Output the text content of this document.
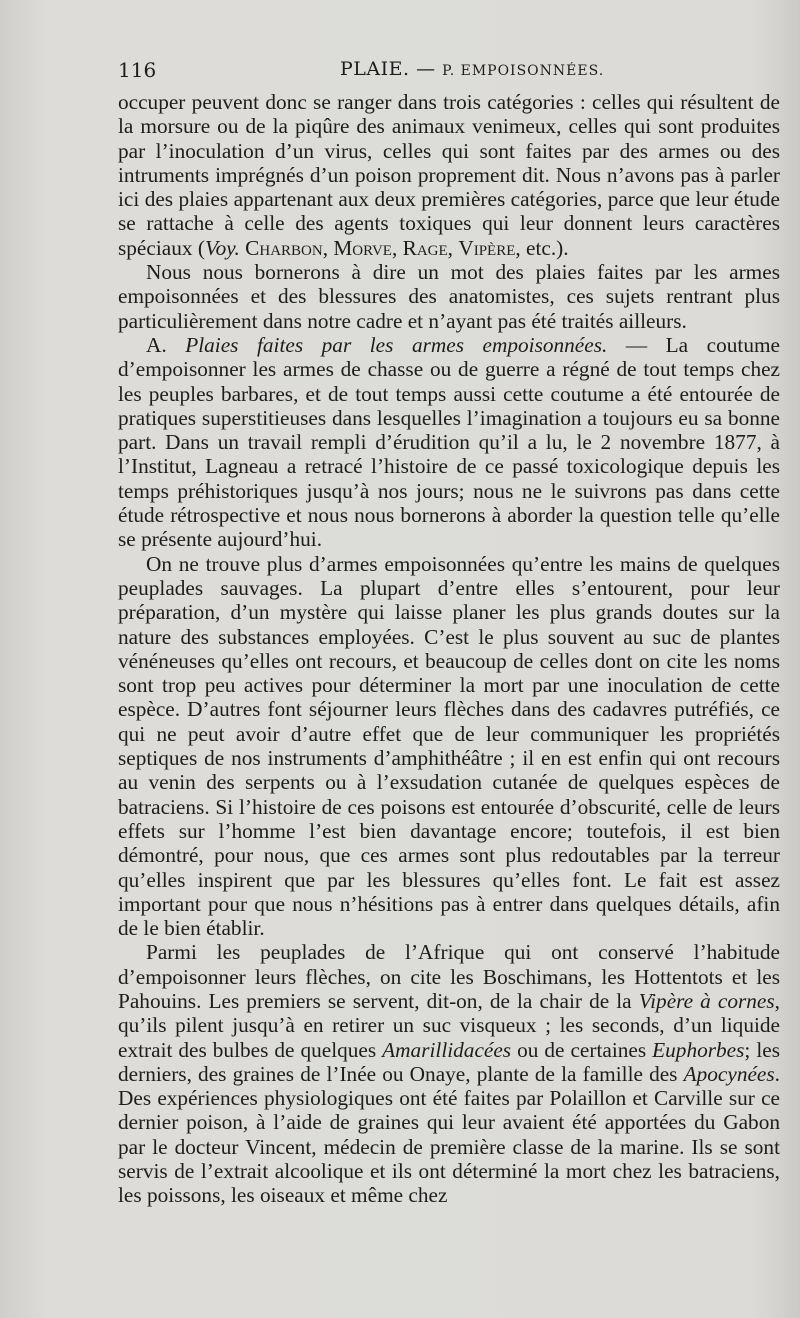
116	PLAIE. — P. EMPOISONNÉES.

occuper peuvent donc se ranger dans trois catégories : celles qui résultent de la morsure ou de la piqûre des animaux venimeux, celles qui sont produites par l’inoculation d’un virus, celles qui sont faites par des armes ou des intruments imprégnés d’un poison proprement dit. Nous n’avons pas à parler ici des plaies appartenant aux deux premières catégories, parce que leur étude se rattache à celle des agents toxiques qui leur donnent leurs caractères spéciaux (Voy. Charbon, Morve, Rage, Vipère, etc.).

Nous nous bornerons à dire un mot des plaies faites par les armes empoisonnées et des blessures des anatomistes, ces sujets rentrant plus particulièrement dans notre cadre et n’ayant pas été traités ailleurs.

A. Plaies faites par les armes empoisonnées. — La coutume d’empoisonner les armes de chasse ou de guerre a régné de tout temps chez les peuples barbares, et de tout temps aussi cette coutume a été entourée de pratiques superstitieuses dans lesquelles l’imagination a toujours eu sa bonne part. Dans un travail rempli d’érudition qu’il a lu, le 2 novembre 1877, à l’Institut, Lagneau a retracé l’histoire de ce passé toxicologique depuis les temps préhistoriques jusqu’à nos jours; nous ne le suivrons pas dans cette étude rétrospective et nous nous bornerons à aborder la question telle qu’elle se présente aujourd’hui.

On ne trouve plus d’armes empoisonnées qu’entre les mains de quelques peuplades sauvages. La plupart d’entre elles s’entourent, pour leur préparation, d’un mystère qui laisse planer les plus grands doutes sur la nature des substances employées. C’est le plus souvent au suc de plantes vénéneuses qu’elles ont recours, et beaucoup de celles dont on cite les noms sont trop peu actives pour déterminer la mort par une inoculation de cette espèce. D’autres font séjourner leurs flèches dans des cadavres putréfiés, ce qui ne peut avoir d’autre effet que de leur communiquer les propriétés septiques de nos instruments d’amphithéâtre ; il en est enfin qui ont recours au venin des serpents ou à l’exsudation cutanée de quelques espèces de batraciens. Si l’histoire de ces poisons est entourée d’obscurité, celle de leurs effets sur l’homme l’est bien davantage encore; toutefois, il est bien démontré, pour nous, que ces armes sont plus redoutables par la terreur qu’elles inspirent que par les blessures qu’elles font. Le fait est assez important pour que nous n’hésitions pas à entrer dans quelques détails, afin de le bien établir.

Parmi les peuplades de l’Afrique qui ont conservé l’habitude d’empoisonner leurs flèches, on cite les Boschimans, les Hottentots et les Pahouins. Les premiers se servent, dit-on, de la chair de la Vipère à cornes, qu’ils pilent jusqu’à en retirer un suc visqueux ; les seconds, d’un liquide extrait des bulbes de quelques Amarillidacées ou de certaines Euphorbes; les derniers, des graines de l’Inée ou Onaye, plante de la famille des Apocynées. Des expériences physiologiques ont été faites par Polaillon et Carville sur ce dernier poison, à l’aide de graines qui leur avaient été apportées du Gabon par le docteur Vincent, médecin de première classe de la marine. Ils se sont servis de l’extrait alcoolique et ils ont déterminé la mort chez les batraciens, les poissons, les oiseaux et même chez
